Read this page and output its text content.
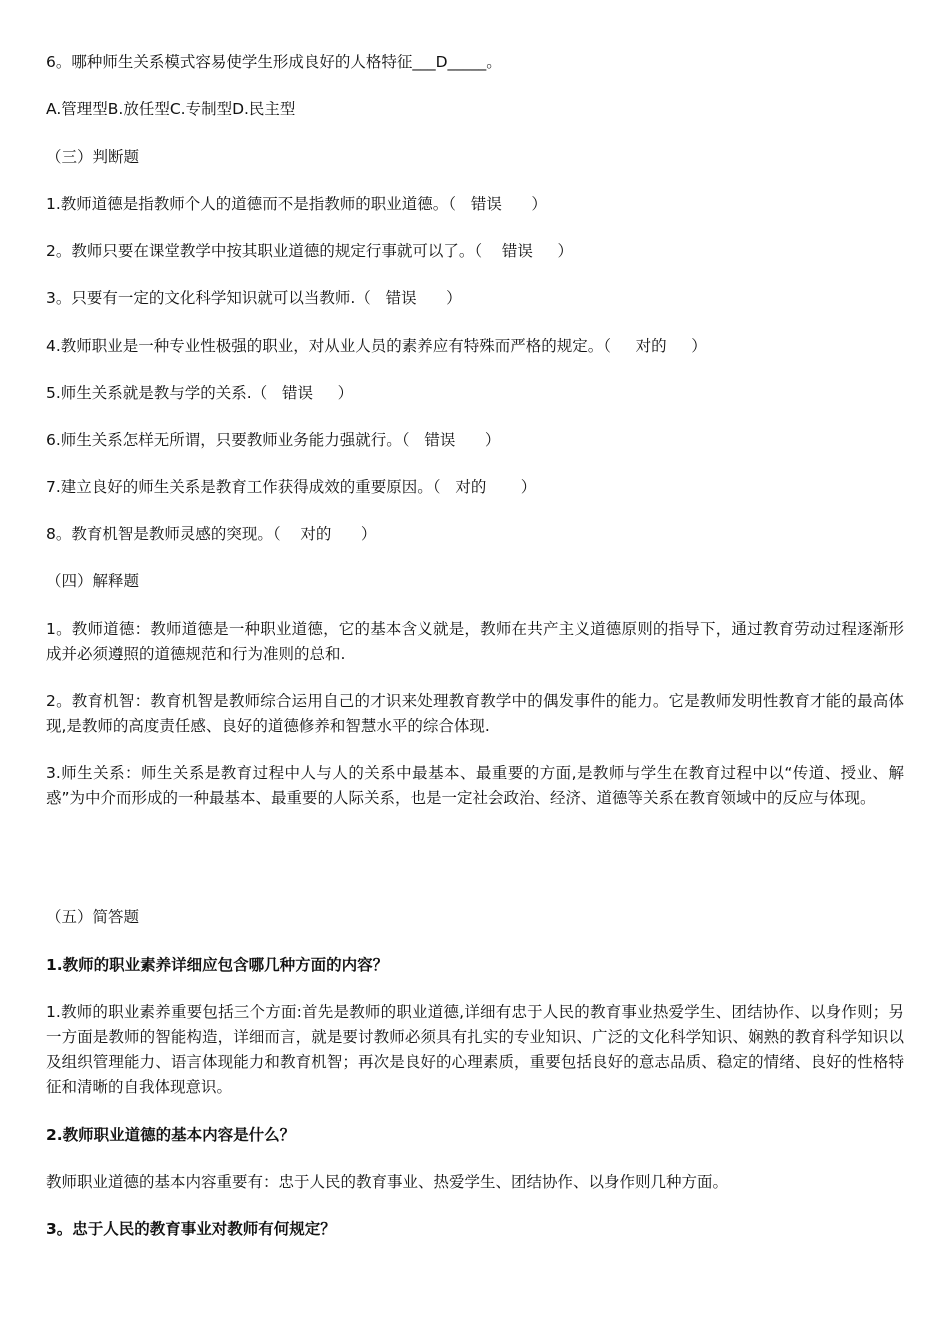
6。哪种师生关系模式容易使学生形成良好的人格特征___D_____。
A.管理型B.放任型C.专制型D.民主型
（三）判断题
1.教师道德是指教师个人的道德而不是指教师的职业道德。（   错误      ）
2。教师只要在课堂教学中按其职业道德的规定行事就可以了。（    错误     ）
3。只要有一定的文化科学知识就可以当教师.（   错误      ）
4.教师职业是一种专业性极强的职业，对从业人员的素养应有特殊而严格的规定。（     对的     ）
5.师生关系就是教与学的关系.（   错误     ）
6.师生关系怎样无所谓，只要教师业务能力强就行。（   错误      ）
7.建立良好的师生关系是教育工作获得成效的重要原因。（   对的       ）
8。教育机智是教师灵感的突现。（    对的      ）
（四）解释题
1。教师道德：教师道德是一种职业道德，它的基本含义就是，教师在共产主义道德原则的指导下，通过教育劳动过程逐渐形成并必须遵照的道德规范和行为准则的总和.
2。教育机智：教育机智是教师综合运用自己的才识来处理教育教学中的偶发事件的能力。它是教师发明性教育才能的最高体现,是教师的高度责任感、良好的道德修养和智慧水平的综合体现.
3.师生关系：师生关系是教育过程中人与人的关系中最基本、最重要的方面,是教师与学生在教育过程中以“传道、授业、解惑”为中介而形成的一种最基本、最重要的人际关系，也是一定社会政治、经济、道德等关系在教育领域中的反应与体现。
（五）简答题
1.教师的职业素养详细应包含哪几种方面的内容？
1.教师的职业素养重要包括三个方面:首先是教师的职业道德,详细有忠于人民的教育事业热爱学生、团结协作、以身作则；另一方面是教师的智能构造，详细而言，就是要讨教师必须具有扎实的专业知识、广泛的文化科学知识、娴熟的教育科学知识以及组织管理能力、语言体现能力和教育机智；再次是良好的心理素质，重要包括良好的意志品质、稳定的情绪、良好的性格特征和清晰的自我体现意识。
2.教师职业道德的基本内容是什么？
教师职业道德的基本内容重要有：忠于人民的教育事业、热爱学生、团结协作、以身作则几种方面。
3。忠于人民的教育事业对教师有何规定？
